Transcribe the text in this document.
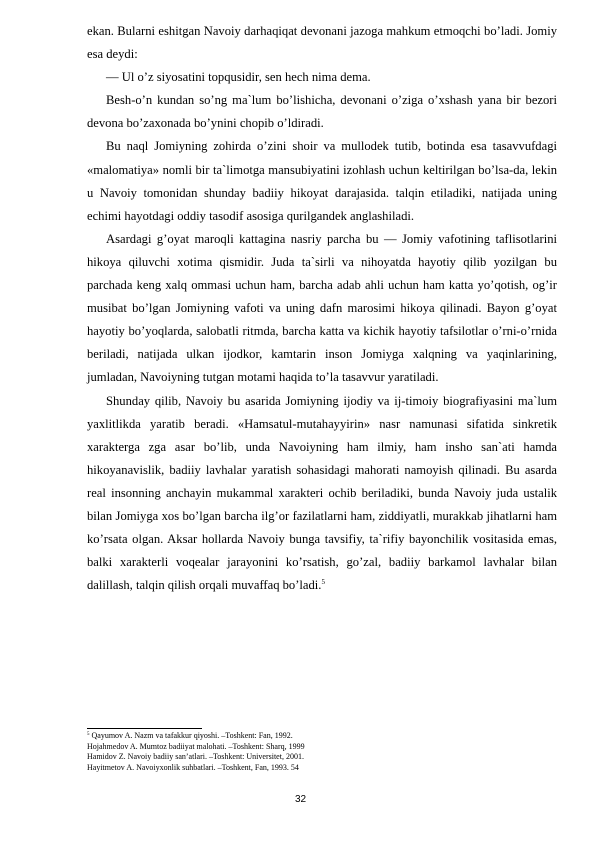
ekan. Bularni eshitgan Navoiy darhaqiqat devonani jazoga mahkum etmoqchi bo’ladi. Jomiy esa deydi:

— Ul o’z siyosatini topqusidir, sen hech nima dema.

Besh-o’n kundan so’ng ma`lum bo’lishicha, devonani o’ziga o’xshash yana bir bezori devona bo’zaxonada bo’ynini chopib o’ldiradi.

Bu naql Jomiyning zohirda o’zini shoir va mullodek tutib, botinda esa tasavvufdagi «malomatiya» nomli bir ta`limotga mansubiyatini izohlash uchun keltirilgan bo’lsa-da, lekin u Navoiy tomonidan shunday badiiy hikoyat darajasida. talqin etiladiki, natijada uning echimi hayotdagi oddiy tasodif asosiga qurilgandek anglashiladi.

Asardagi g’oyat maroqli kattagina nasriy parcha bu — Jomiy vafotining taflisotlarini hikoya qiluvchi xotima qismidir. Juda ta`sirli va nihoyatda hayotiy qilib yozilgan bu parchada keng xalq ommasi uchun ham, barcha adab ahli uchun ham katta yo’qotish, og’ir musibat bo’lgan Jomiyning vafoti va uning dafn marosimi hikoya qilinadi. Bayon g’oyat hayotiy bo’yoqlarda, salobatli ritmda, barcha katta va kichik hayotiy tafsilotlar o’rni-o’rnida beriladi, natijada ulkan ijodkor, kamtarin inson Jomiyga xalqning va yaqinlarining, jumladan, Navoiyning tutgan motami haqida to’la tasavvur yaratiladi.

Shunday qilib, Navoiy bu asarida Jomiyning ijodiy va ij-timoiy biografiyasini ma`lum yaxlitlikda yaratib beradi. «Hamsatul-mutahayyirin» nasr namunasi sifatida sinkretik xarakterga zga asar bo’lib, unda Navoiyning ham ilmiy, ham insho san`ati hamda hikoyanavislik, badiiy lavhalar yaratish sohasidagi mahorati namoyish qilinadi. Bu asarda real insonning anchayin mukammal xarakteri ochib beriladiki, bunda Navoiy juda ustalik bilan Jomiyga xos bo’lgan barcha ilg’or fazilatlarni ham, ziddiyatli, murakkab jihatlarni ham ko’rsata olgan. Aksar hollarda Navoiy bunga tavsifiy, ta`rifiy bayonchilik vositasida emas, balki xarakterli voqealar jarayonini ko’rsatish, go’zal, badiiy barkamol lavhalar bilan dalillash, talqin qilish orqali muvaffaq bo’ladi.$^5$

$^5$ Qayumov A. Nazm va tafakkur qiyoshi. –Toshkent: Fan, 1992.
Hojahmedov A. Mumtoz badiiyat malohati. –Toshkent: Sharq, 1999
Hamidov Z. Navoiy badiiy san’atlari. –Toshkent: Universitet, 2001.
Hayitmetov A. Navoiyxonlik suhbatlari. –Toshkent, Fan, 1993. 54
32
